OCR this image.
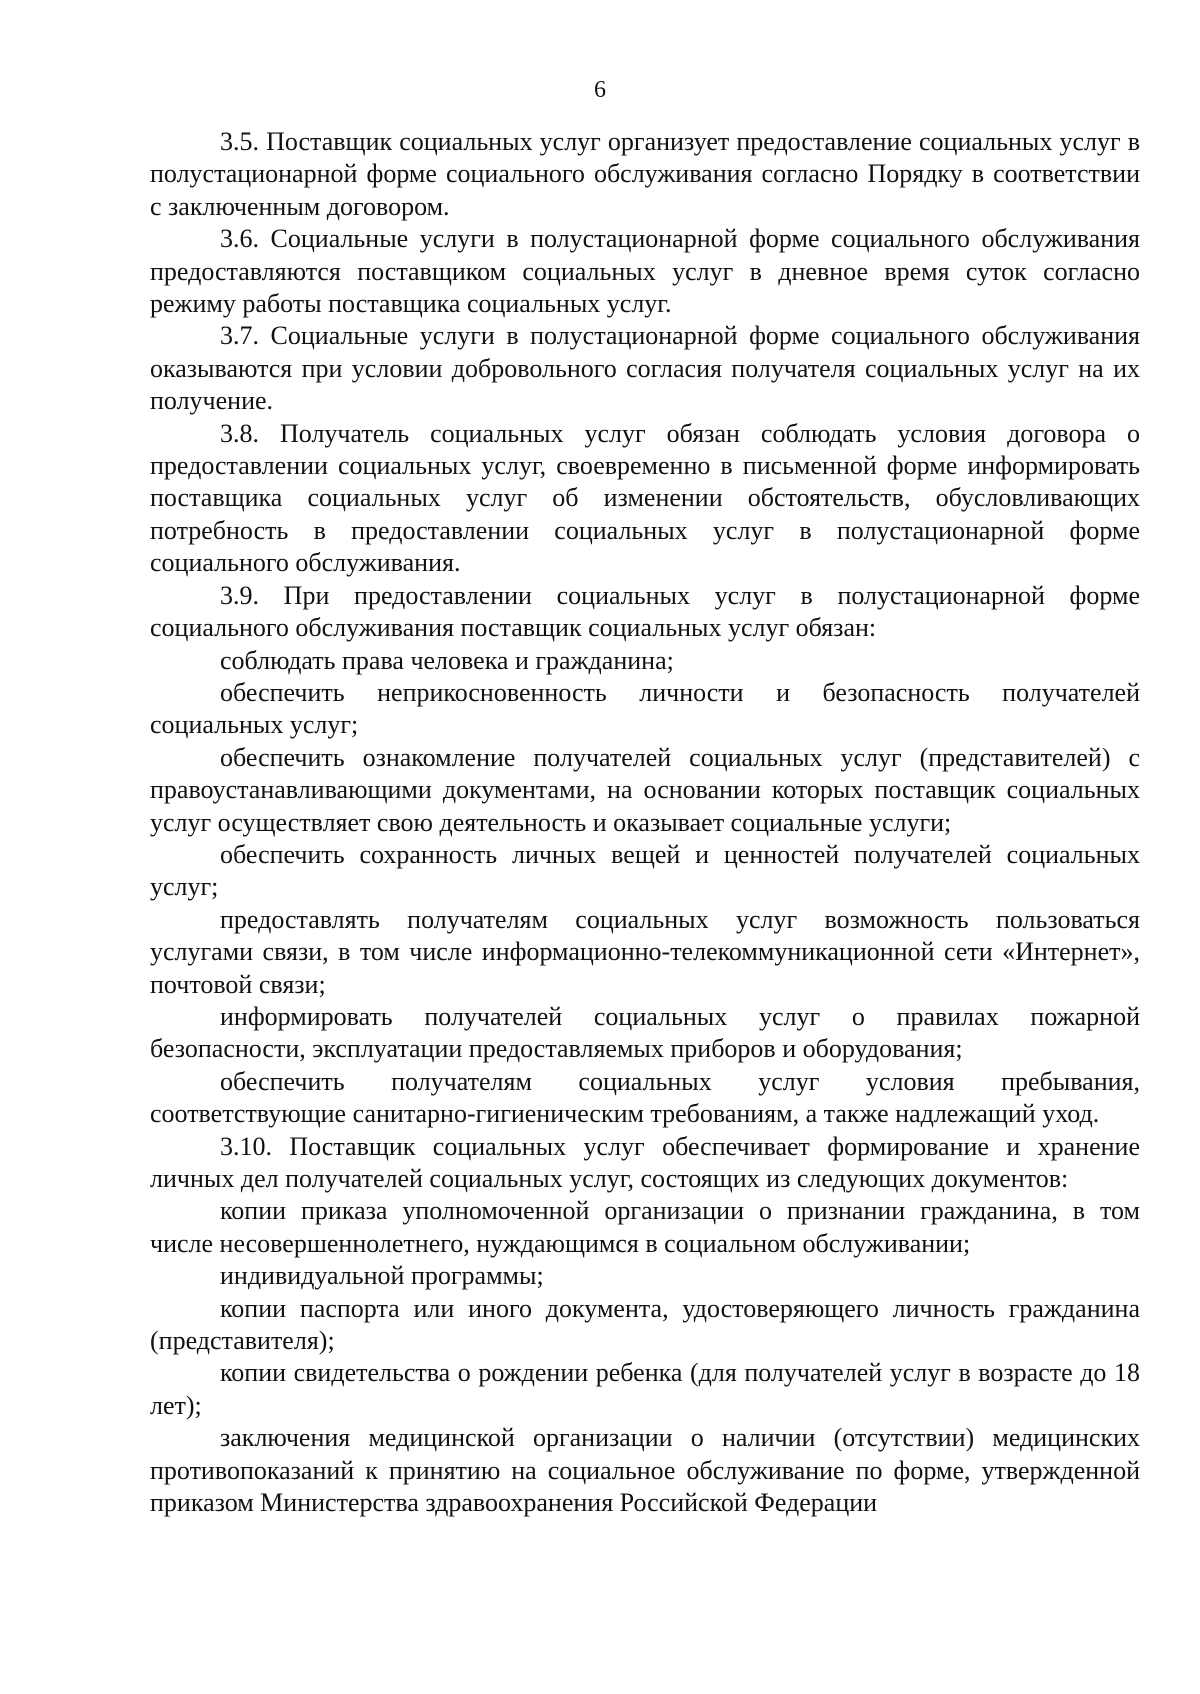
6

3.5. Поставщик социальных услуг организует предоставление социальных услуг в полустационарной форме социального обслуживания согласно Порядку в соответствии с заключенным договором.

3.6. Социальные услуги в полустационарной форме социального обслуживания предоставляются поставщиком социальных услуг в дневное время суток согласно режиму работы поставщика социальных услуг.

3.7. Социальные услуги в полустационарной форме социального обслуживания оказываются при условии добровольного согласия получателя социальных услуг на их получение.

3.8. Получатель социальных услуг обязан соблюдать условия договора о предоставлении социальных услуг, своевременно в письменной форме информировать поставщика социальных услуг об изменении обстоятельств, обусловливающих потребность в предоставлении социальных услуг в полустационарной форме социального обслуживания.

3.9. При предоставлении социальных услуг в полустационарной форме социального обслуживания поставщик социальных услуг обязан:

соблюдать права человека и гражданина;

обеспечить неприкосновенность личности и безопасность получателей социальных услуг;

обеспечить ознакомление получателей социальных услуг (представителей) с правоустанавливающими документами, на основании которых поставщик социальных услуг осуществляет свою деятельность и оказывает социальные услуги;

обеспечить сохранность личных вещей и ценностей получателей социальных услуг;

предоставлять получателям социальных услуг возможность пользоваться услугами связи, в том числе информационно-телекоммуникационной сети «Интернет», почтовой связи;

информировать получателей социальных услуг о правилах пожарной безопасности, эксплуатации предоставляемых приборов и оборудования;

обеспечить получателям социальных услуг условия пребывания, соответствующие санитарно-гигиеническим требованиям, а также надлежащий уход.

3.10. Поставщик социальных услуг обеспечивает формирование и хранение личных дел получателей социальных услуг, состоящих из следующих документов:

копии приказа уполномоченной организации о признании гражданина, в том числе несовершеннолетнего, нуждающимся в социальном обслуживании;

индивидуальной программы;

копии паспорта или иного документа, удостоверяющего личность гражданина (представителя);

копии свидетельства о рождении ребенка (для получателей услуг в возрасте до 18 лет);

заключения медицинской организации о наличии (отсутствии) медицинских противопоказаний к принятию на социальное обслуживание по форме, утвержденной приказом Министерства здравоохранения Российской Федерации
